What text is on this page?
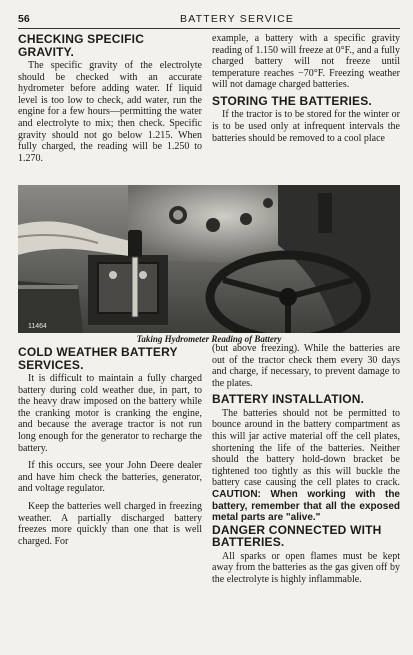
56	BATTERY SERVICE
CHECKING SPECIFIC
GRAVITY.

The specific gravity of the electrolyte should be checked with an accurate hydrometer before adding water. If liquid level is too low to check, add water, run the engine for a few hours—permitting the water and electrolyte to mix; then check. Specific gravity should not go below 1.215. When fully charged, the reading will be 1.250 to 1.270.

example, a battery with a specific gravity reading of 1.150 will freeze at 0°F., and a fully charged battery will not freeze until temperature reaches −70°F. Freezing weather will not damage charged batteries.

STORING THE BATTERIES.

If the tractor is to be stored for the winter or is to be used only at infrequent intervals the batteries should be removed to a cool place

11464
Taking Hydrometer Reading of Battery
COLD WEATHER BATTERY
SERVICES.

It is difficult to maintain a fully charged battery during cold weather due, in part, to the heavy draw imposed on the battery while the cranking motor is cranking the engine, and because the average tractor is not run long enough for the generator to recharge the battery.

If this occurs, see your John Deere dealer and have him check the batteries, generator, and voltage regulator.

Keep the batteries well charged in freezing weather. A partially discharged battery freezes more quickly than one that is well charged. For

(but above freezing). While the batteries are out of the tractor check them every 30 days and charge, if necessary, to prevent damage to the plates.

BATTERY INSTALLATION.

The batteries should not be permitted to bounce around in the battery compartment as this will jar active material off the cell plates, shortening the life of the batteries. Neither should the battery hold-down bracket be tightened too tightly as this will buckle the battery case causing the cell plates to crack. CAUTION: When working with the battery, remember that all the exposed metal parts are "alive."

DANGER CONNECTED WITH
BATTERIES.

All sparks or open flames must be kept away from the batteries as the gas given off by the electrolyte is highly inflammable.
